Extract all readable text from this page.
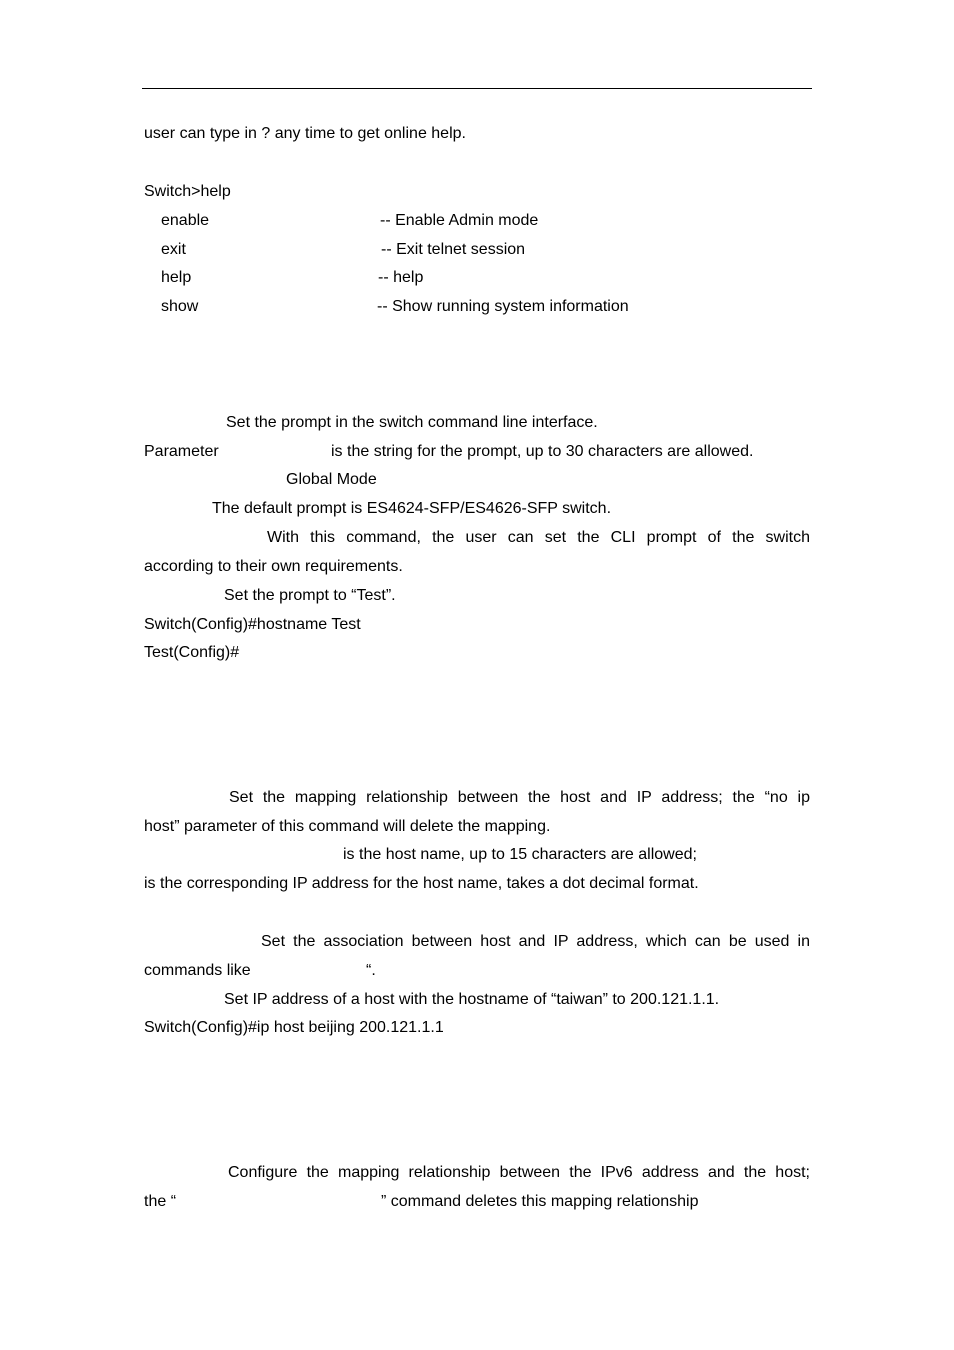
user can type in ? any time to get online help.
Switch>help
enable	-- Enable Admin mode
exit	-- Exit telnet session
help	-- help
show	-- Show running system information
Set the prompt in the switch command line interface.
Parameter	is the string for the prompt, up to 30 characters are allowed.
Global Mode
The default prompt is ES4624-SFP/ES4626-SFP switch.
With this command, the user can set the CLI prompt of the switch
according to their own requirements.
Set the prompt to “Test”.
Switch(Config)#hostname Test
Test(Config)#
Set the mapping relationship between the host and IP address; the “no ip
host” parameter of this command will delete the mapping.
is the host name, up to 15 characters are allowed;
is the corresponding IP address for the host name, takes a dot decimal format.
Set the association between host and IP address, which can be used in
commands like	“.
Set IP address of a host with the hostname of “taiwan” to 200.121.1.1.
Switch(Config)#ip host beijing 200.121.1.1
Configure the mapping relationship between the IPv6 address and the host;
the “	” command deletes this mapping relationship
